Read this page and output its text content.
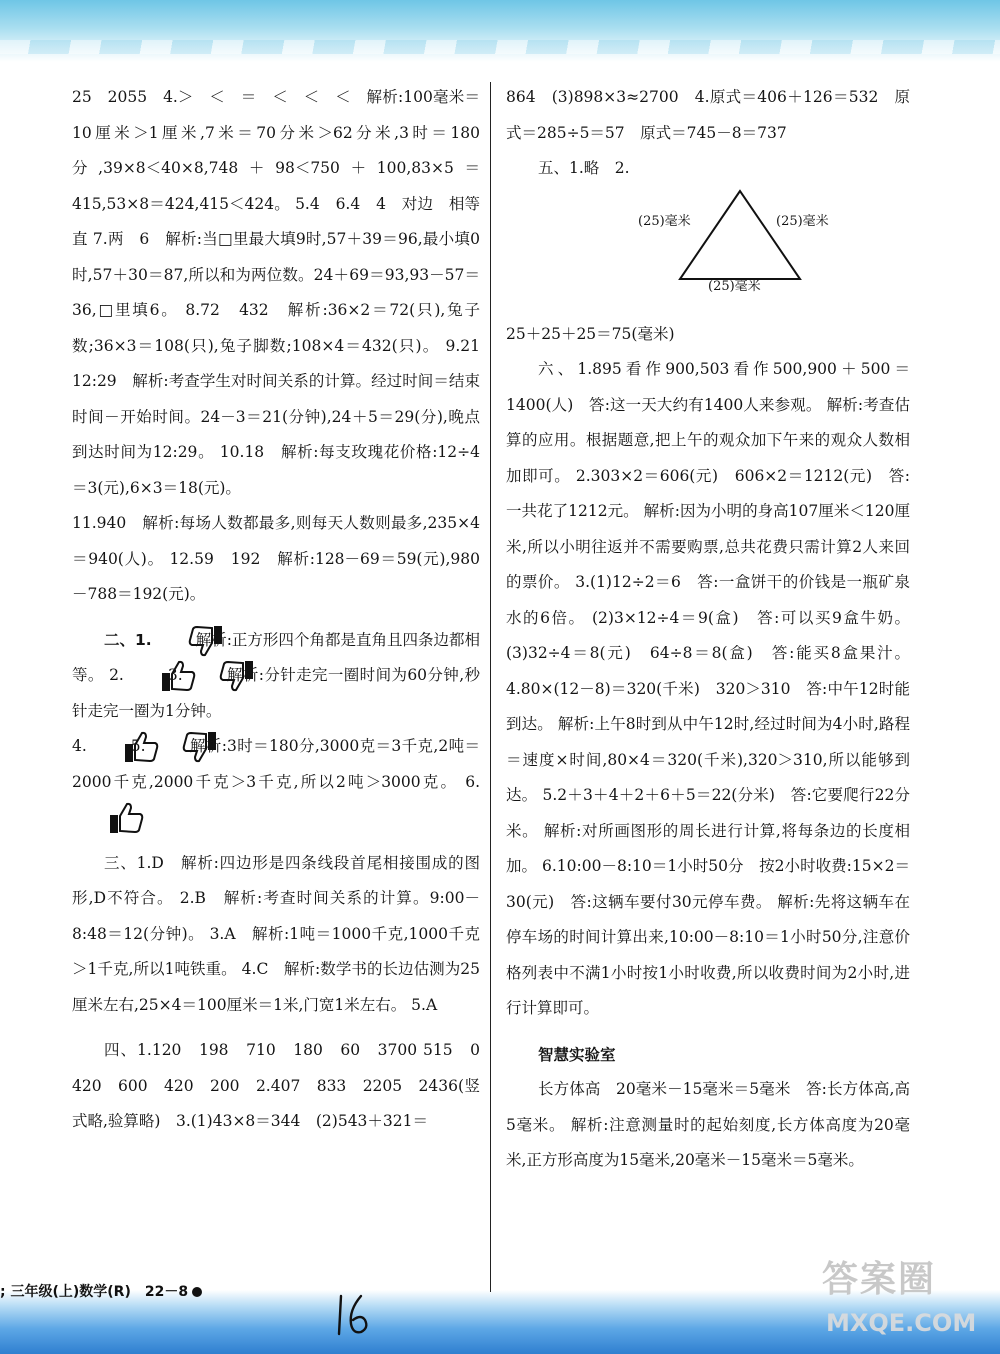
25　2055　4.＞　＜　＝　＜　＜　＜　解析:100毫米＝10厘米＞1厘米,7米＝70分米＞62分米,3时＝180分,39×8＜40×8,748＋98＜750＋100,83×5＝415,53×8＝424,415＜424。 5.4　6.4　4　对边　相等　直 7.两　6　解析:当□里最大填9时,57＋39＝96,最小填0时,57＋30＝87,所以和为两位数。24＋69＝93,93－57＝36,□里填6。 8.72　432　解析:36×2＝72(只),兔子数;36×3＝108(只),兔子脚数;108×4＝432(只)。 9.21　12:29　解析:考查学生对时间关系的计算。经过时间＝结束时间－开始时间。24－3＝21(分钟),24＋5＝29(分),晚点到达时间为12:29。 10.18　解析:每支玫瑰花价格:12÷4＝3(元),6×3＝18(元)。

11.940　解析:每场人数都最多,则每天人数则最多,235×4＝940(人)。 12.59　192　解析:128－69＝59(元),980－788＝192(元)。

二、1.	解析:正方形四个角都是直角且四条边都相等。 2.	3.	解析:分针走完一圈时间为60分钟,秒针走完一圈为1分钟。
4.	5.	解析:3时＝180分,3000克＝3千克,2吨＝2000千克,2000千克＞3千克,所以2吨＞3000克。 6.

三、1.D　解析:四边形是四条线段首尾相接围成的图形,D不符合。 2.B　解析:考查时间关系的计算。9:00－8:48＝12(分钟)。 3.A　解析:1吨＝1000千克,1000千克＞1千克,所以1吨铁重。 4.C　解析:数学书的长边估测为25厘米左右,25×4＝100厘米＝1米,门宽1米左右。 5.A

四、1.120　198　710　180　60　3700 515　0　420　600　420　200　2.407　833　2205　2436(竖式略,验算略)　3.(1)43×8＝344　(2)543＋321＝

864　(3)898×3≈2700　4.原式＝406＋126＝532　原式＝285÷5＝57　原式＝745－8＝737

五、1.略　2.

(25)毫米	(25)毫米
(25)毫米

25＋25＋25＝75(毫米)

六、1.895看作900,503看作500,900＋500＝1400(人)　答:这一天大约有1400人来参观。 解析:考查估算的应用。根据题意,把上午的观众加下午来的观众人数相加即可。 2.303×2＝606(元)　606×2＝1212(元)　答:一共花了1212元。 解析:因为小明的身高107厘米＜120厘米,所以小明往返并不需要购票,总共花费只需计算2人来回的票价。 3.(1)12÷2＝6　答:一盒饼干的价钱是一瓶矿泉水的6倍。 (2)3×12÷4＝9(盒)　答:可以买9盒牛奶。 (3)32÷4＝8(元)　64÷8＝8(盒)　答:能买8盒果汁。 4.80×(12－8)＝320(千米)　320＞310　答:中午12时能到达。 解析:上午8时到从中午12时,经过时间为4小时,路程＝速度×时间,80×4＝320(千米),320＞310,所以能够到达。 5.2＋3＋4＋2＋6＋5＝22(分米)　答:它要爬行22分米。 解析:对所画图形的周长进行计算,将每条边的长度相加。 6.10:00－8:10＝1小时50分　按2小时收费:15×2＝30(元)　答:这辆车要付30元停车费。 解析:先将这辆车在停车场的时间计算出来,10:00－8:10＝1小时50分,注意价格列表中不满1小时按1小时收费,所以收费时间为2小时,进行计算即可。

智慧实验室

长方体高　20毫米－15毫米＝5毫米　答:长方体高,高5毫米。 解析:注意测量时的起始刻度,长方体高度为20毫米,正方形高度为15毫米,20毫米－15毫米＝5毫米。

; 三年级(上)数学(R)　22－8	答案圈
MXQE.COM
